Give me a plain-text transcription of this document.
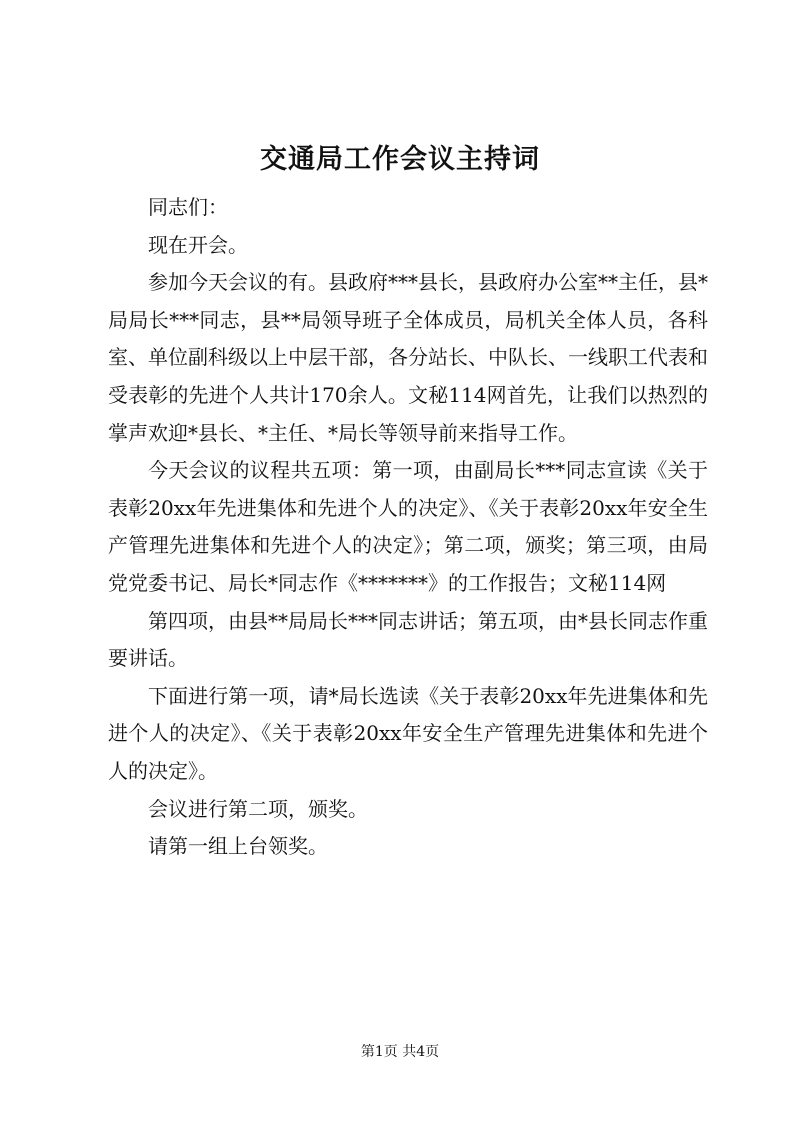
交通局工作会议主持词

同志们：

现在开会。

参加今天会议的有。县政府***县长，县政府办公室**主任，县*局局长***同志，县**局领导班子全体成员，局机关全体人员，各科室、单位副科级以上中层干部，各分站长、中队长、一线职工代表和受表彰的先进个人共计170余人。文秘114网首先，让我们以热烈的掌声欢迎*县长、*主任、*局长等领导前来指导工作。

今天会议的议程共五项：第一项，由副局长***同志宣读《关于表彰20xx年先进集体和先进个人的决定》、《关于表彰20xx年安全生产管理先进集体和先进个人的决定》；第二项，颁奖；第三项，由局党党委书记、局长*同志作《*******》的工作报告；文秘114网

第四项，由县**局局长***同志讲话；第五项，由*县长同志作重要讲话。

下面进行第一项，请*局长选读《关于表彰20xx年先进集体和先进个人的决定》、《关于表彰20xx年安全生产管理先进集体和先进个人的决定》。

会议进行第二项，颁奖。

请第一组上台领奖。

第1页 共4页
